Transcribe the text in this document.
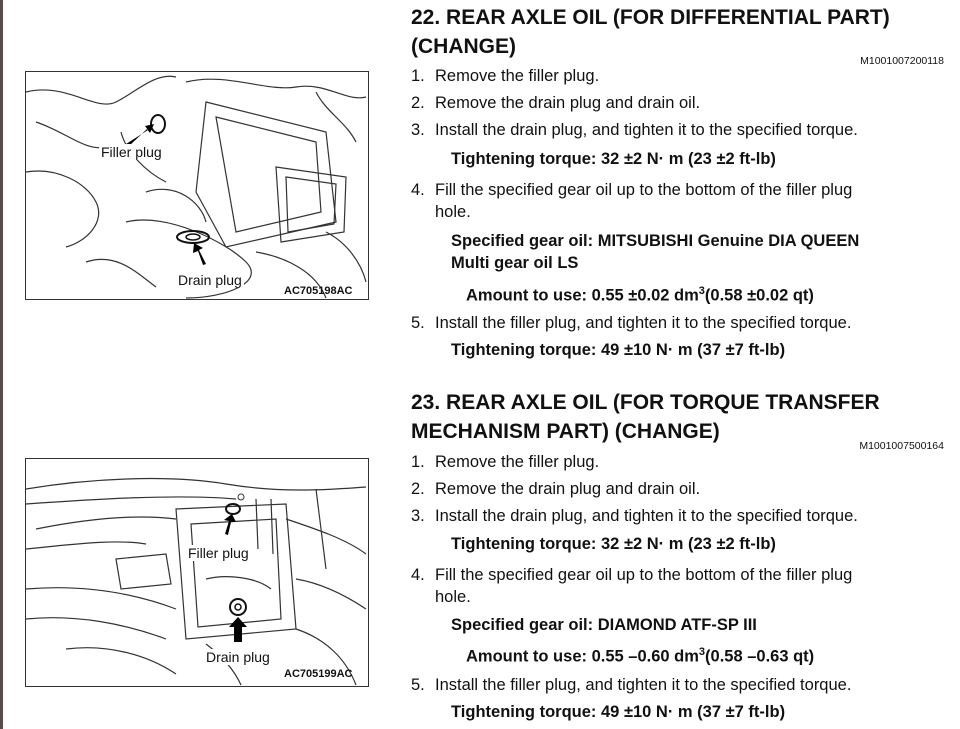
Filler plug
Drain plug
AC705198AC
Filler plug
Drain plug
AC705199AC
22. REAR AXLE OIL (FOR DIFFERENTIAL PART)
(CHANGE)
M1001007200118
1. Remove the filler plug.
2. Remove the drain plug and drain oil.
3. Install the drain plug, and tighten it to the specified torque.
Tightening torque: 32 ±2 N· m (23 ±2 ft-lb)
4. Fill the specified gear oil up to the bottom of the filler plug
hole.
Specified gear oil: MITSUBISHI Genuine DIA QUEEN
Multi gear oil LS
Amount to use: 0.55 ±0.02 $dm^3(0.58 \pm 0.02$ qt)
5. Install the filler plug, and tighten it to the specified torque.
Tightening torque: 49 ±10 N· m (37 ±7 ft-lb)
23. REAR AXLE OIL (FOR TORQUE TRANSFER
MECHANISM PART) (CHANGE)
M1001007500164
1. Remove the filler plug.
2. Remove the drain plug and drain oil.
3. Install the drain plug, and tighten it to the specified torque.
Tightening torque: 32 ±2 N· m (23 ±2 ft-lb)
4. Fill the specified gear oil up to the bottom of the filler plug
hole.
Specified gear oil: DIAMOND ATF-SP III
Amount to use: 0.55 –0.60 $dm^3(0.58$ –0.63 qt)
5. Install the filler plug, and tighten it to the specified torque.
Tightening torque: 49 ±10 N· m (37 ±7 ft-lb)
